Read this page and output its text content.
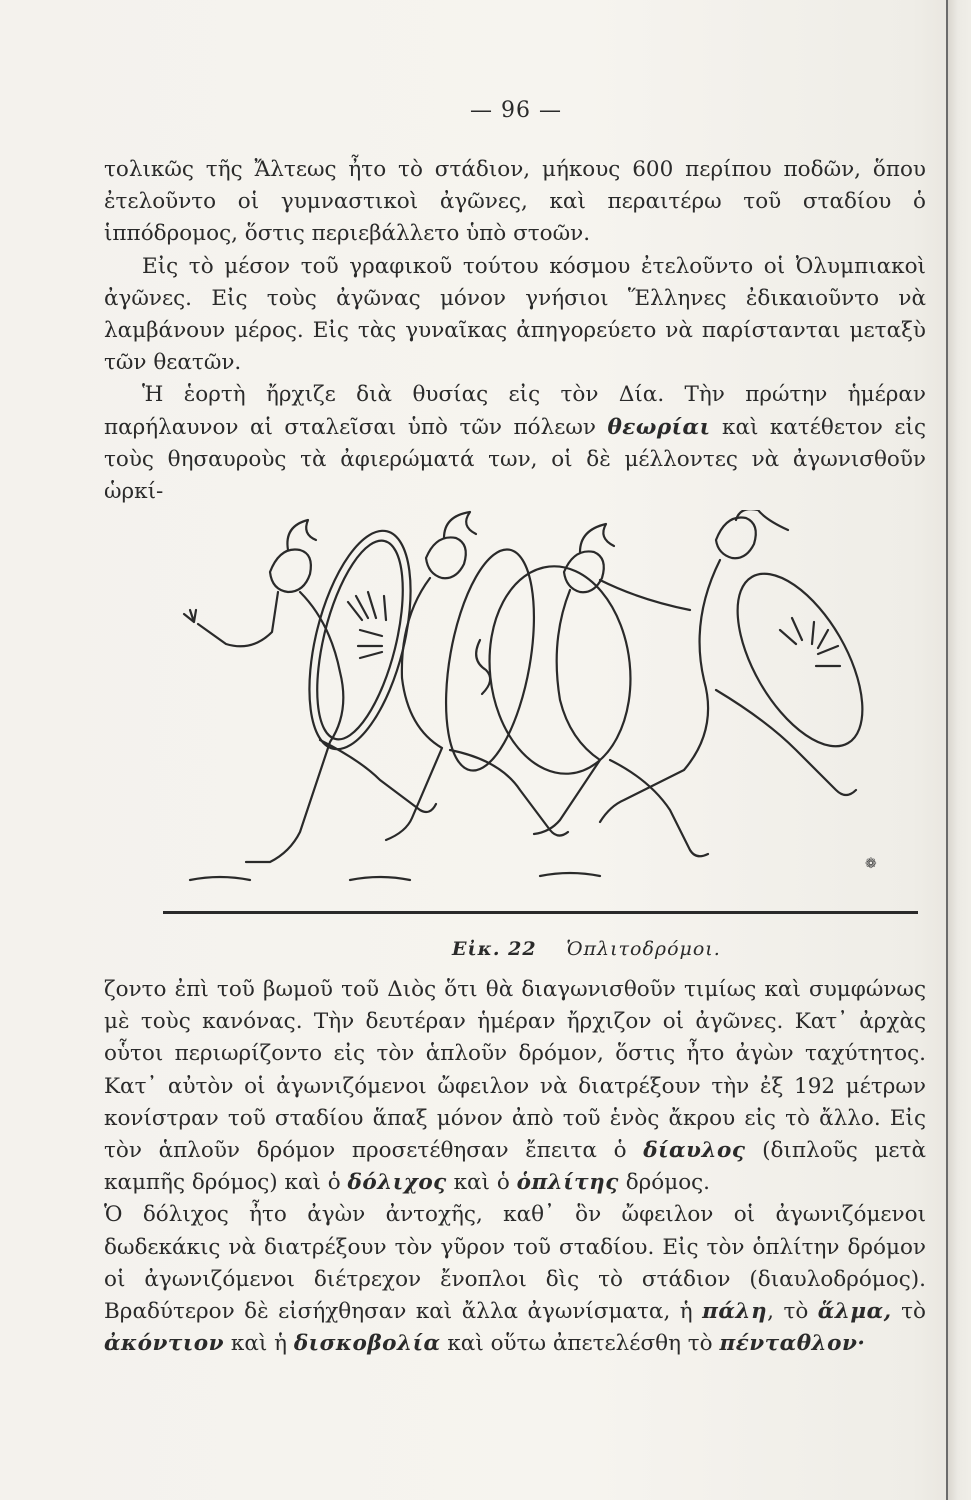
— 96 —

τολικῶς τῆς Ἄλτεως ἦτο τὸ στάδιον, μήκους 600 περίπου ποδῶν, ὅπου ἐτελοῦντο οἱ γυμναστικοὶ ἀγῶνες, καὶ περαιτέρω τοῦ σταδίου ὁ ἱππόδρομος, ὅστις περιεβάλλετο ὑπὸ στοῶν.

Εἰς τὸ μέσον τοῦ γραφικοῦ τούτου κόσμου ἐτελοῦντο οἱ Ὀλυμπιακοὶ ἀγῶνες. Εἰς τοὺς ἀγῶνας μόνον γνήσιοι Ἕλληνες ἐδικαιοῦντο νὰ λαμβάνουν μέρος. Εἰς τὰς γυναῖκας ἀπηγορεύετο νὰ παρίστανται μεταξὺ τῶν θεατῶν.

Ἡ ἑορτὴ ἤρχιζε διὰ θυσίας εἰς τὸν Δία. Τὴν πρώτην ἡμέραν παρήλαυνον αἱ σταλεῖσαι ὑπὸ τῶν πόλεων θεωρίαι καὶ κατέθετον εἰς τοὺς θησαυροὺς τὰ ἀφιερώματά των, οἱ δὲ μέλλοντες νὰ ἀγωνισθοῦν ὡρκί-

❁
Εἰκ. 22 Ὁπλιτοδρόμοι.

ζοντο ἐπὶ τοῦ βωμοῦ τοῦ Διὸς ὅτι θὰ διαγωνισθοῦν τιμίως καὶ συμφώνως μὲ τοὺς κανόνας. Τὴν δευτέραν ἡμέραν ἤρχιζον οἱ ἀγῶνες. Κατ᾿ ἀρχὰς οὗτοι περιωρίζοντο εἰς τὸν ἁπλοῦν δρόμον, ὅστις ἦτο ἀγὼν ταχύτητος. Κατ᾿ αὐτὸν οἱ ἀγωνιζόμενοι ὤφειλον νὰ διατρέξουν τὴν ἐξ 192 μέτρων κονίστραν τοῦ σταδίου ἅπαξ μόνον ἀπὸ τοῦ ἑνὸς ἄκρου εἰς τὸ ἄλλο. Εἰς τὸν ἁπλοῦν δρόμον προσετέθησαν ἔπειτα ὁ δίαυλος (διπλοῦς μετὰ καμπῆς δρόμος) καὶ ὁ δόλιχος καὶ ὁ ὁπλίτης δρόμος.

Ὁ δόλιχος ἦτο ἀγὼν ἀντοχῆς, καθ᾿ ὃν ὤφειλον οἱ ἀγωνιζόμενοι δωδεκάκις νὰ διατρέξουν τὸν γῦρον τοῦ σταδίου. Εἰς τὸν ὁπλίτην δρόμον οἱ ἀγωνιζόμενοι διέτρεχον ἔνοπλοι δὶς τὸ στάδιον (διαυλοδρόμος). Βραδύτερον δὲ εἰσήχθησαν καὶ ἄλλα ἀγωνίσματα, ἡ πάλη, τὸ ἅλμα, τὸ ἀκόντιον καὶ ἡ δισκοβολία καὶ οὕτω ἀπετελέσθη τὸ πένταθλον·
